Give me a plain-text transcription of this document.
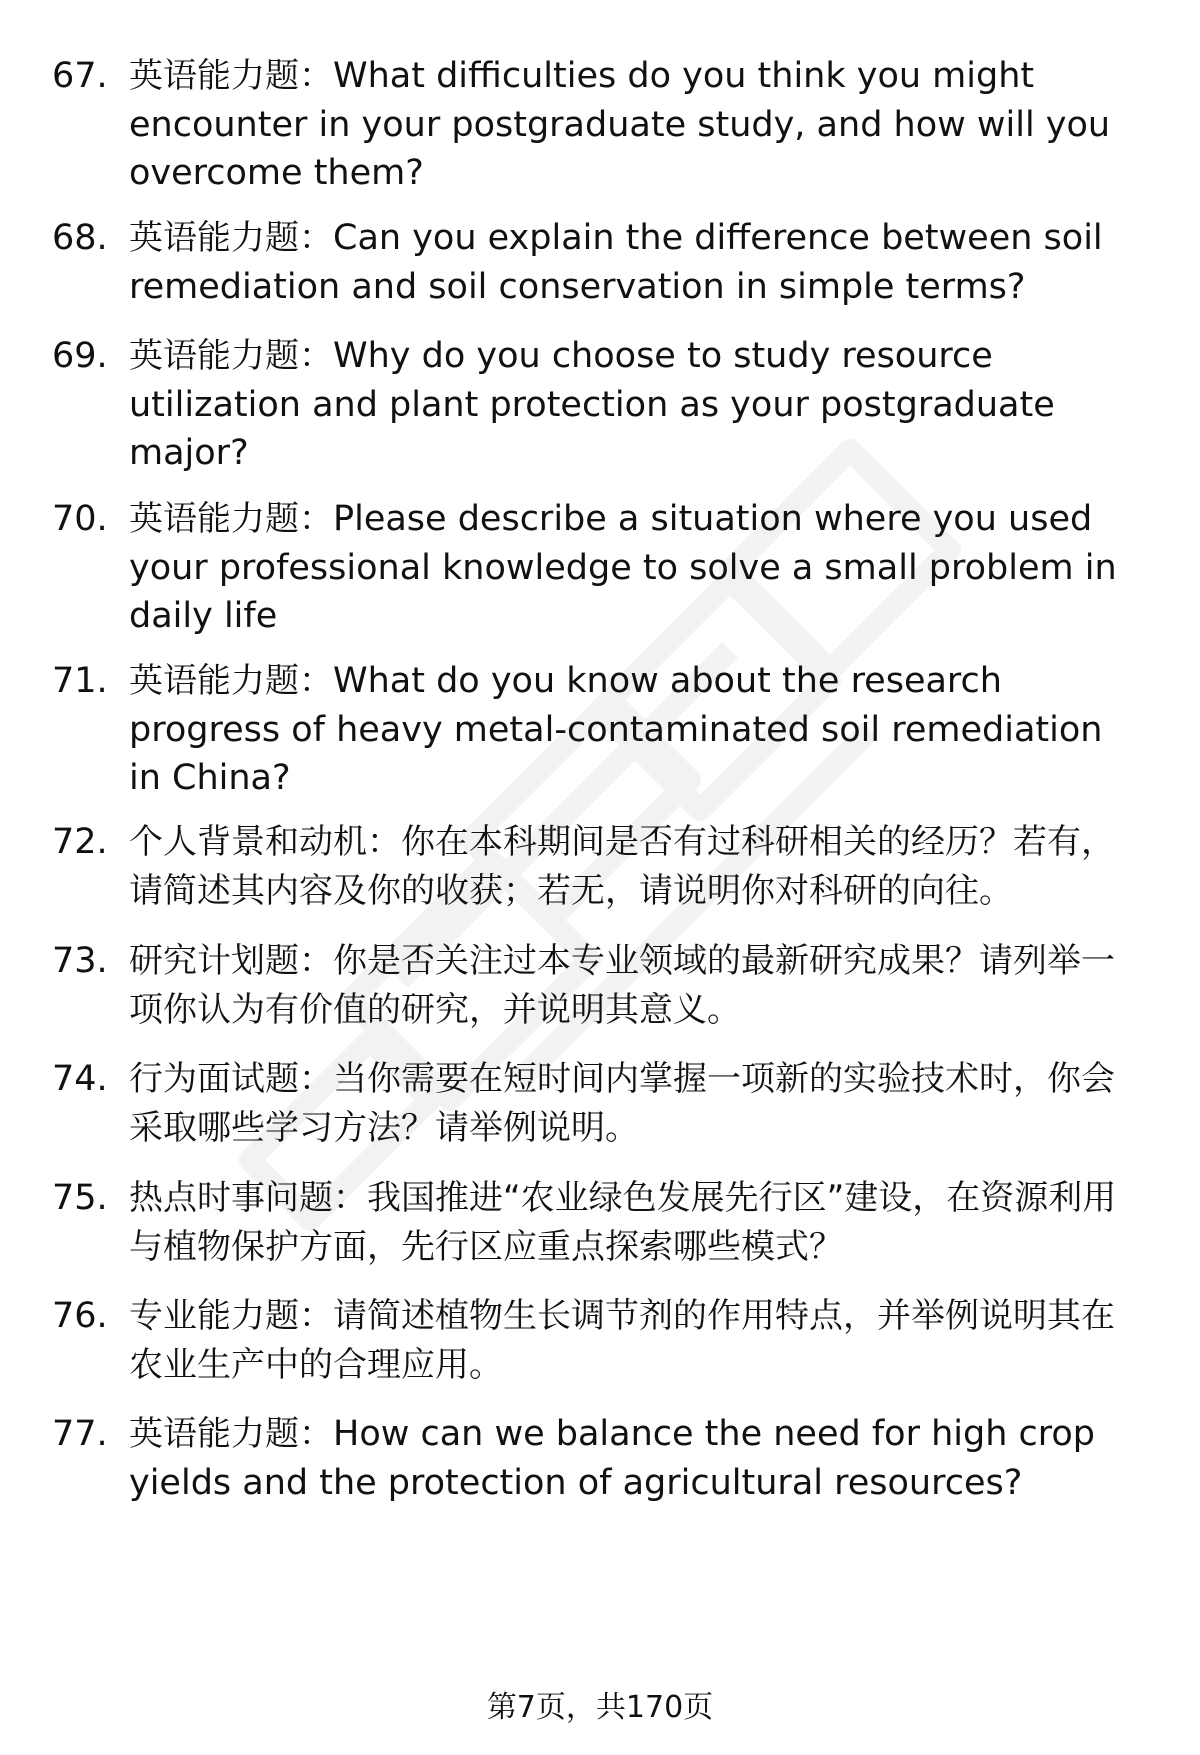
67. 英语能力题：What difficulties do you think you might encounter in your postgraduate study, and how will you overcome them?
68. 英语能力题：Can you explain the difference between soil remediation and soil conservation in simple terms?
69. 英语能力题：Why do you choose to study resource utilization and plant protection as your postgraduate major?
70. 英语能力题：Please describe a situation where you used your professional knowledge to solve a small problem in daily life
71. 英语能力题：What do you know about the research progress of heavy metal-contaminated soil remediation in China?
72. 个人背景和动机：你在本科期间是否有过科研相关的经历？若有，请简述其内容及你的收获；若无，请说明你对科研的向往。
73. 研究计划题：你是否关注过本专业领域的最新研究成果？请列举一项你认为有价值的研究，并说明其意义。
74. 行为面试题：当你需要在短时间内掌握一项新的实验技术时，你会采取哪些学习方法？请举例说明。
75. 热点时事问题：我国推进“农业绿色发展先行区”建设，在资源利用与植物保护方面，先行区应重点探索哪些模式？
76. 专业能力题：请简述植物生长调节剂的作用特点，并举例说明其在农业生产中的合理应用。
77. 英语能力题：How can we balance the need for high crop yields and the protection of agricultural resources?
第7页，共170页
